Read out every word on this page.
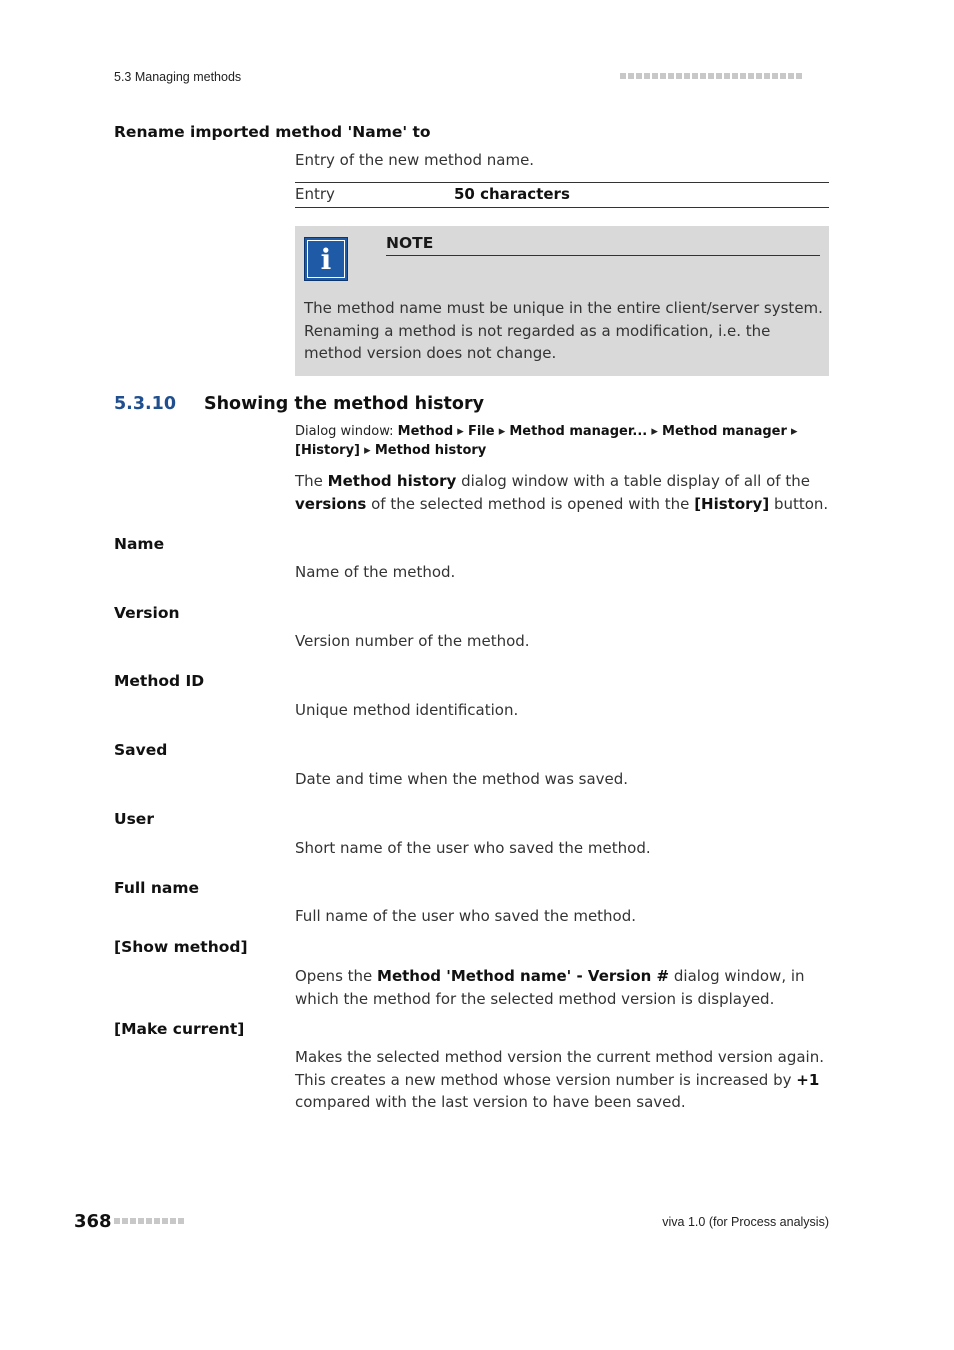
5.3 Managing methods
Rename imported method 'Name' to
Entry of the new method name.
Entry	50 characters
i	NOTE
The method name must be unique in the entire client/server system. Renaming a method is not regarded as a modification, i.e. the method version does not change.
5.3.10 Showing the method history
Dialog window: Method ▸ File ▸ Method manager... ▸ Method manager ▸ [History] ▸ Method history
The Method history dialog window with a table display of all of the versions of the selected method is opened with the [History] button.
Name
Name of the method.
Version
Version number of the method.
Method ID
Unique method identification.
Saved
Date and time when the method was saved.
User
Short name of the user who saved the method.
Full name
Full name of the user who saved the method.
[Show method]
Opens the Method 'Method name' - Version # dialog window, in which the method for the selected method version is displayed.
[Make current]
Makes the selected method version the current method version again. This creates a new method whose version number is increased by +1 compared with the last version to have been saved.
368	viva 1.0 (for Process analysis)
